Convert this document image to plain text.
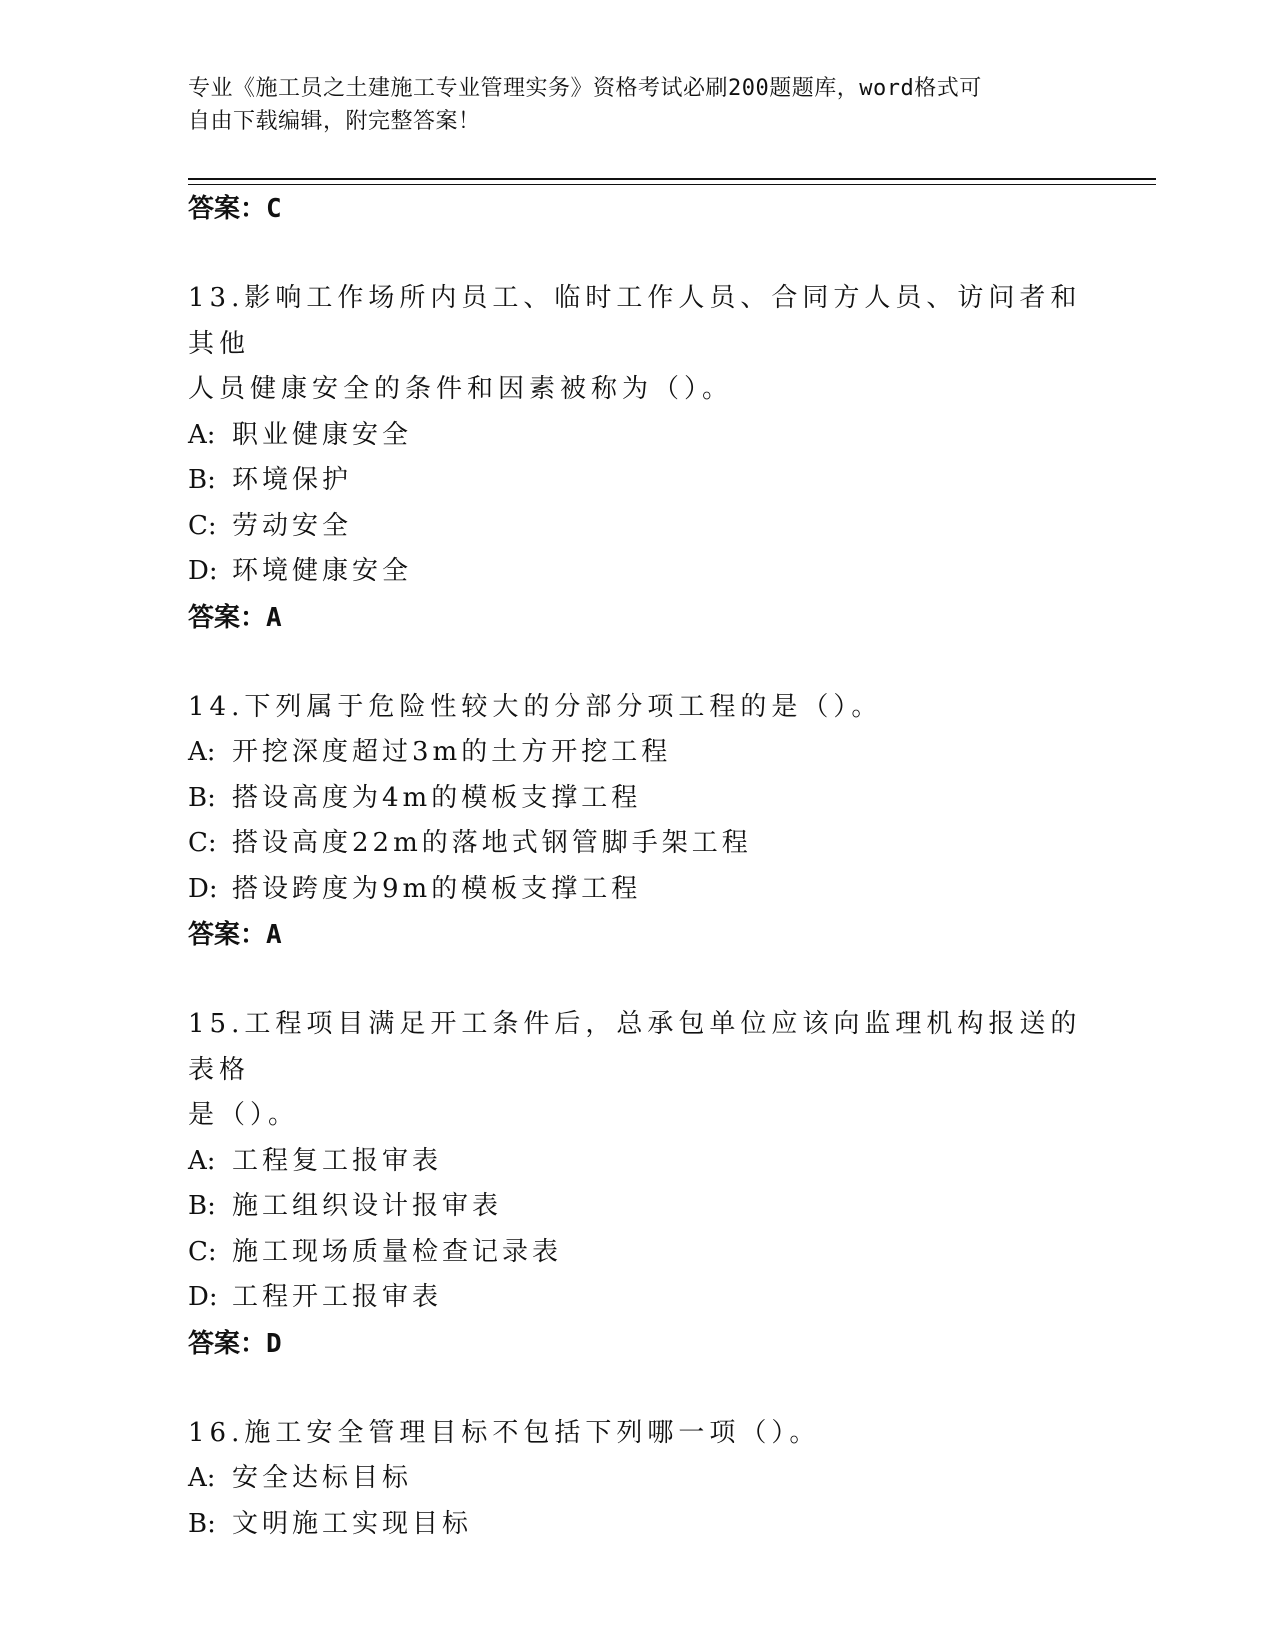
专业《施工员之土建施工专业管理实务》资格考试必刷200题题库，word格式可
自由下载编辑，附完整答案！
答案：C
13.影响工作场所内员工、临时工作人员、合同方人员、访问者和其他
人员健康安全的条件和因素被称为（）。
A: 职业健康安全
B: 环境保护
C: 劳动安全
D: 环境健康安全
答案：A
14.下列属于危险性较大的分部分项工程的是（）。
A: 开挖深度超过3m的土方开挖工程
B: 搭设高度为4m的模板支撑工程
C: 搭设高度22m的落地式钢管脚手架工程
D: 搭设跨度为9m的模板支撑工程
答案：A
15.工程项目满足开工条件后，总承包单位应该向监理机构报送的表格
是（）。
A: 工程复工报审表
B: 施工组织设计报审表
C: 施工现场质量检查记录表
D: 工程开工报审表
答案：D
16.施工安全管理目标不包括下列哪一项（）。
A: 安全达标目标
B: 文明施工实现目标
